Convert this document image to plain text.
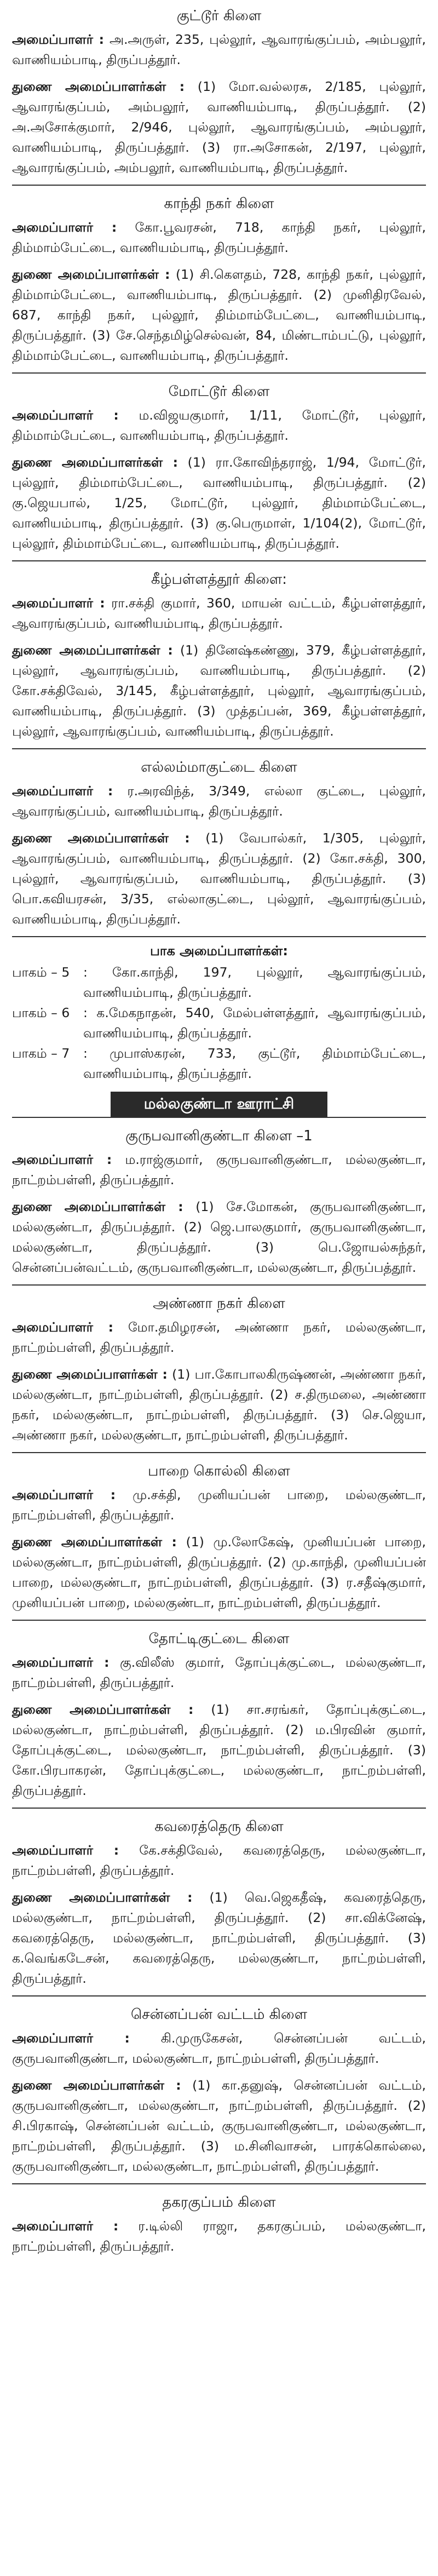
குட்டூர் கிளை

அமைப்பாளர் : அ.அருள், 235, புல்லூர், ஆவாரங்குப்பம், அம்பலூர், வாணியம்பாடி, திருப்பத்தூர்.

துணை அமைப்பாளர்கள் : (1) மோ.வல்லரசு, 2/185, புல்லூர், ஆவாரங்குப்பம், அம்பலூர், வாணியம்பாடி, திருப்பத்தூர். (2) அ.அசோக்குமார், 2/946, புல்லூர், ஆவாரங்குப்பம், அம்பலூர், வாணியம்பாடி, திருப்பத்தூர். (3) ரா.அசோகன், 2/197, புல்லூர், ஆவாரங்குப்பம், அம்பலூர், வாணியம்பாடி, திருப்பத்தூர்.

காந்தி நகர் கிளை

அமைப்பாளர் : கோ.பூவரசன், 718, காந்தி நகர், புல்லூர், திம்மாம்பேட்டை, வாணியம்பாடி, திருப்பத்தூர்.

துணை அமைப்பாளர்கள் : (1) சி.கௌதம், 728, காந்தி நகர், புல்லூர், திம்மாம்பேட்டை, வாணியம்பாடி, திருப்பத்தூர். (2) முனிதிரவேல், 687, காந்தி நகர், புல்லூர், திம்மாம்பேட்டை, வாணியம்பாடி, திருப்பத்தூர். (3) சே.செந்தமிழ்செல்வன், 84, மிண்டாம்பட்டு, புல்லூர், திம்மாம்பேட்டை, வாணியம்பாடி, திருப்பத்தூர்.

மோட்டூர் கிளை

அமைப்பாளர் : ம.விஜயகுமார், 1/11, மோட்டூர், புல்லூர், திம்மாம்பேட்டை, வாணியம்பாடி, திருப்பத்தூர்.

துணை அமைப்பாளர்கள் : (1) ரா.கோவிந்தராஜ், 1/94, மோட்டூர், புல்லூர், திம்மாம்பேட்டை, வாணியம்பாடி, திருப்பத்தூர். (2) கு.ஜெயபால், 1/25, மோட்டூர், புல்லூர், திம்மாம்பேட்டை, வாணியம்பாடி, திருப்பத்தூர். (3) கு.பெருமாள், 1/104(2), மோட்டூர், புல்லூர், திம்மாம்பேட்டை, வாணியம்பாடி, திருப்பத்தூர்.

கீழ்பள்ளத்தூர் கிளை:

அமைப்பாளர் : ரா.சக்தி குமார், 360, மாயன் வட்டம், கீழ்பள்ளத்தூர், ஆவாரங்குப்பம், வாணியம்பாடி, திருப்பத்தூர்.

துணை அமைப்பாளர்கள் : (1) தினேஷ்கண்ணு, 379, கீழ்பள்ளத்தூர், புல்லூர், ஆவாரங்குப்பம், வாணியம்பாடி, திருப்பத்தூர். (2) கோ.சக்திவேல், 3/145, கீழ்பள்ளத்தூர், புல்லூர், ஆவாரங்குப்பம், வாணியம்பாடி, திருப்பத்தூர். (3) முத்தப்பன், 369, கீழ்பள்ளத்தூர், புல்லூர், ஆவாரங்குப்பம், வாணியம்பாடி, திருப்பத்தூர்.

எல்லம்மாகுட்டை கிளை

அமைப்பாளர் : ர.அரவிந்த், 3/349, எல்லா குட்டை, புல்லூர், ஆவாரங்குப்பம், வாணியம்பாடி, திருப்பத்தூர்.

துணை அமைப்பாளர்கள் : (1) வேபால்கர், 1/305, புல்லூர், ஆவாரங்குப்பம், வாணியம்பாடி, திருப்பத்தூர். (2) கோ.சக்தி, 300, புல்லூர், ஆவாரங்குப்பம், வாணியம்பாடி, திருப்பத்தூர். (3) பொ.கவியரசன், 3/35, எல்லாகுட்டை, புல்லூர், ஆவாரங்குப்பம், வாணியம்பாடி, திருப்பத்தூர்.

பாக அமைப்பாளர்கள்:
பாகம் – 5	: கோ.காந்தி, 197, புல்லூர், ஆவாரங்குப்பம், வாணியம்பாடி, திருப்பத்தூர்.
பாகம் – 6	: க.மேகநாதன், 540, மேல்பள்ளத்தூர், ஆவாரங்குப்பம், வாணியம்பாடி, திருப்பத்தூர்.
பாகம் – 7	: முபாஸ்கரன், 733, குட்டூர், திம்மாம்பேட்டை, வாணியம்பாடி, திருப்பத்தூர்.
மல்லகுண்டா ஊராட்சி
குருபவானிகுண்டா கிளை –1

அமைப்பாளர் : ம.ராஜ்குமார், குருபவானிகுண்டா, மல்லகுண்டா, நாட்றம்பள்ளி, திருப்பத்தூர்.

துணை அமைப்பாளர்கள் : (1) சே.மோகன், குருபவானிகுண்டா, மல்லகுண்டா, திருப்பத்தூர். (2) ஜெ.பாலகுமார், குருபவானிகுண்டா, மல்லகுண்டா, திருப்பத்தூர். (3) பெ.ஜோயல்சுந்தர், சென்னப்பன்வட்டம், குருபவானிகுண்டா, மல்லகுண்டா, திருப்பத்தூர்.

அண்ணா நகர் கிளை

அமைப்பாளர் : மோ.தமிழரசன், அண்ணா நகர், மல்லகுண்டா, நாட்றம்பள்ளி, திருப்பத்தூர்.

துணை அமைப்பாளர்கள் : (1) பா.கோபாலகிருஷ்ணன், அண்ணா நகர், மல்லகுண்டா, நாட்றம்பள்ளி, திருப்பத்தூர். (2) ச.திருமலை, அண்ணா நகர், மல்லகுண்டா, நாட்றம்பள்ளி, திருப்பத்தூர். (3) செ.ஜெயா, அண்ணா நகர், மல்லகுண்டா, நாட்றம்பள்ளி, திருப்பத்தூர்.

பாறை கொல்லி கிளை

அமைப்பாளர் : மு.சக்தி, முனியப்பன் பாறை, மல்லகுண்டா, நாட்றம்பள்ளி, திருப்பத்தூர்.

துணை அமைப்பாளர்கள் : (1) மு.லோகேஷ், முனியப்பன் பாறை, மல்லகுண்டா, நாட்றம்பள்ளி, திருப்பத்தூர். (2) மு.காந்தி, முனியப்பன் பாறை, மல்லகுண்டா, நாட்றம்பள்ளி, திருப்பத்தூர். (3) ர.சதீஷ்குமார், முனியப்பன் பாறை, மல்லகுண்டா, நாட்றம்பள்ளி, திருப்பத்தூர்.

தோட்டிகுட்டை கிளை

அமைப்பாளர் : கு.விலீஸ் குமார், தோப்புக்குட்டை, மல்லகுண்டா, நாட்றம்பள்ளி, திருப்பத்தூர்.

துணை அமைப்பாளர்கள் : (1) சா.சரங்கர், தோப்புக்குட்டை, மல்லகுண்டா, நாட்றம்பள்ளி, திருப்பத்தூர். (2) ம.பிரவின் குமார், தோப்புக்குட்டை, மல்லகுண்டா, நாட்றம்பள்ளி, திருப்பத்தூர். (3) கோ.பிரபாகரன், தோப்புக்குட்டை, மல்லகுண்டா, நாட்றம்பள்ளி, திருப்பத்தூர்.

கவரைத்தெரு கிளை

அமைப்பாளர் : கே.சக்திவேல், கவரைத்தெரு, மல்லகுண்டா, நாட்றம்பள்ளி, திருப்பத்தூர்.

துணை அமைப்பாளர்கள் : (1) வெ.ஜெகதீஷ், கவரைத்தெரு, மல்லகுண்டா, நாட்றம்பள்ளி, திருப்பத்தூர். (2) சா.விக்னேஷ், கவரைத்தெரு, மல்லகுண்டா, நாட்றம்பள்ளி, திருப்பத்தூர். (3) க.வெங்கடேசன், கவரைத்தெரு, மல்லகுண்டா, நாட்றம்பள்ளி, திருப்பத்தூர்.

சென்னப்பன் வட்டம் கிளை

அமைப்பாளர் : கி.முருகேசன், சென்னப்பன் வட்டம், குருபவானிகுண்டா, மல்லகுண்டா, நாட்றம்பள்ளி, திருப்பத்தூர்.

துணை அமைப்பாளர்கள் : (1) கா.தனுஷ், சென்னப்பன் வட்டம், குருபவானிகுண்டா, மல்லகுண்டா, நாட்றம்பள்ளி, திருப்பத்தூர். (2) சி.பிரகாஷ், சென்னப்பன் வட்டம், குருபவானிகுண்டா, மல்லகுண்டா, நாட்றம்பள்ளி, திருப்பத்தூர். (3) ம.சினிவாசன், பாரக்கொல்லை, குருபவானிகுண்டா, மல்லகுண்டா, நாட்றம்பள்ளி, திருப்பத்தூர்.

தகரகுப்பம் கிளை

அமைப்பாளர் : ர.டில்லி ராஜா, தகரகுப்பம், மல்லகுண்டா, நாட்றம்பள்ளி, திருப்பத்தூர்.
